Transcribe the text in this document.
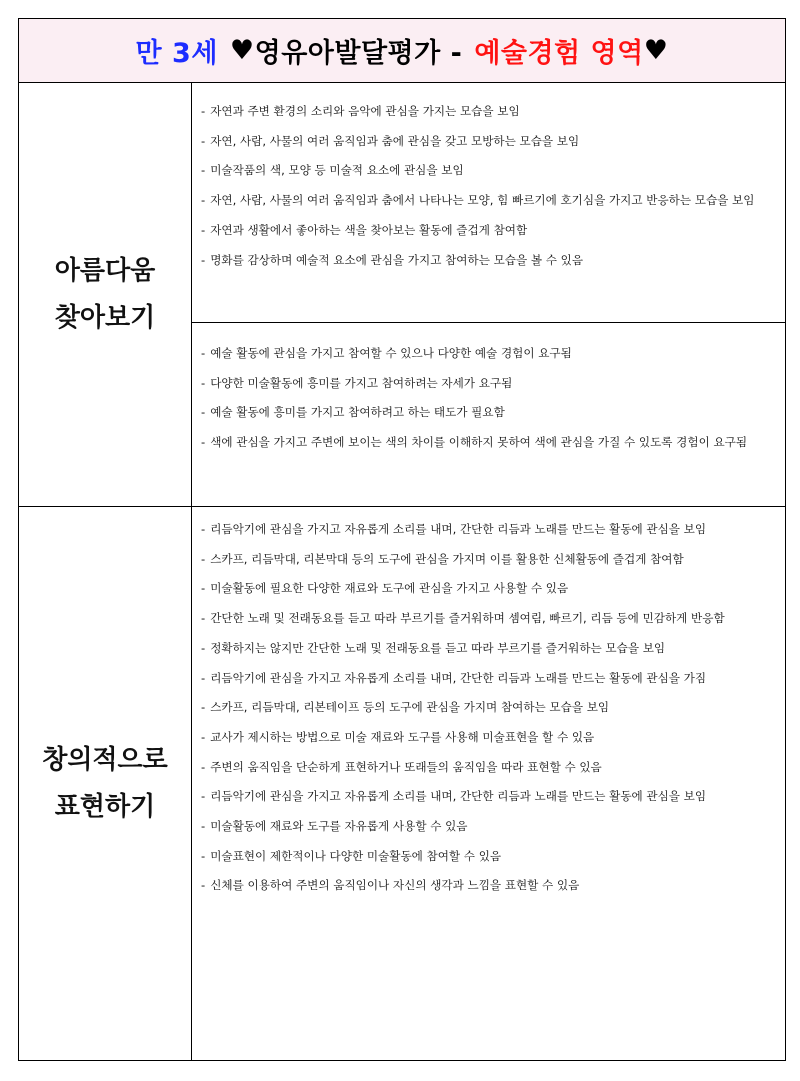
만 3세 ♥ 영유아발달평가 - 예술경험 영역 ♥
아름다움
찾아보기
- 자연과 주변 환경의 소리와 음악에 관심을 가지는 모습을 보임
- 자연, 사람, 사물의 여러 움직임과 춤에 관심을 갖고 모방하는 모습을 보임
- 미술작품의 색, 모양 등 미술적 요소에 관심을 보임
- 자연, 사람, 사물의 여러 움직임과 춤에서 나타나는 모양, 힘 빠르기에 호기심을 가지고 반응하는 모습을 보임
- 자연과 생활에서 좋아하는 색을 찾아보는 활동에 즐겁게 참여함
- 명화를 감상하며 예술적 요소에 관심을 가지고 참여하는 모습을 볼 수 있음
- 예술 활동에 관심을 가지고 참여할 수 있으나 다양한 예술 경험이 요구됨
- 다양한 미술활동에 흥미를 가지고 참여하려는 자세가 요구됨
- 예술 활동에 흥미를 가지고 참여하려고 하는 태도가 필요함
- 색에 관심을 가지고 주변에 보이는 색의 차이를 이해하지 못하여 색에 관심을 가질 수 있도록 경험이 요구됨
창의적으로
표현하기
- 리듬악기에 관심을 가지고 자유롭게 소리를 내며, 간단한 리듬과 노래를 만드는 활동에 관심을 보임
- 스카프, 리듬막대, 리본막대 등의 도구에 관심을 가지며 이를 활용한 신체활동에 즐겁게 참여함
- 미술활동에 필요한 다양한 재료와 도구에 관심을 가지고 사용할 수 있음
- 간단한 노래 및 전래동요를 듣고 따라 부르기를 즐거워하며 셈여림, 빠르기, 리듬 등에 민감하게 반응함
- 정확하지는 않지만 간단한 노래 및 전래동요를 듣고 따라 부르기를 즐거워하는 모습을 보임
- 리듬악기에 관심을 가지고 자유롭게 소리를 내며, 간단한 리듬과 노래를 만드는 활동에 관심을 가짐
- 스카프, 리듬막대, 리본테이프 등의 도구에 관심을 가지며 참여하는 모습을 보임
- 교사가 제시하는 방법으로 미술 재료와 도구를 사용해 미술표현을 할 수 있음
- 주변의 움직임을 단순하게 표현하거나 또래들의 움직임을 따라 표현할 수 있음
- 리듬악기에 관심을 가지고 자유롭게 소리를 내며, 간단한 리듬과 노래를 만드는 활동에 관심을 보임
- 미술활동에 재료와 도구를 자유롭게 사용할 수 있음
- 미술표현이 제한적이나 다양한 미술활동에 참여할 수 있음
- 신체를 이용하여 주변의 움직임이나 자신의 생각과 느낌을 표현할 수 있음
